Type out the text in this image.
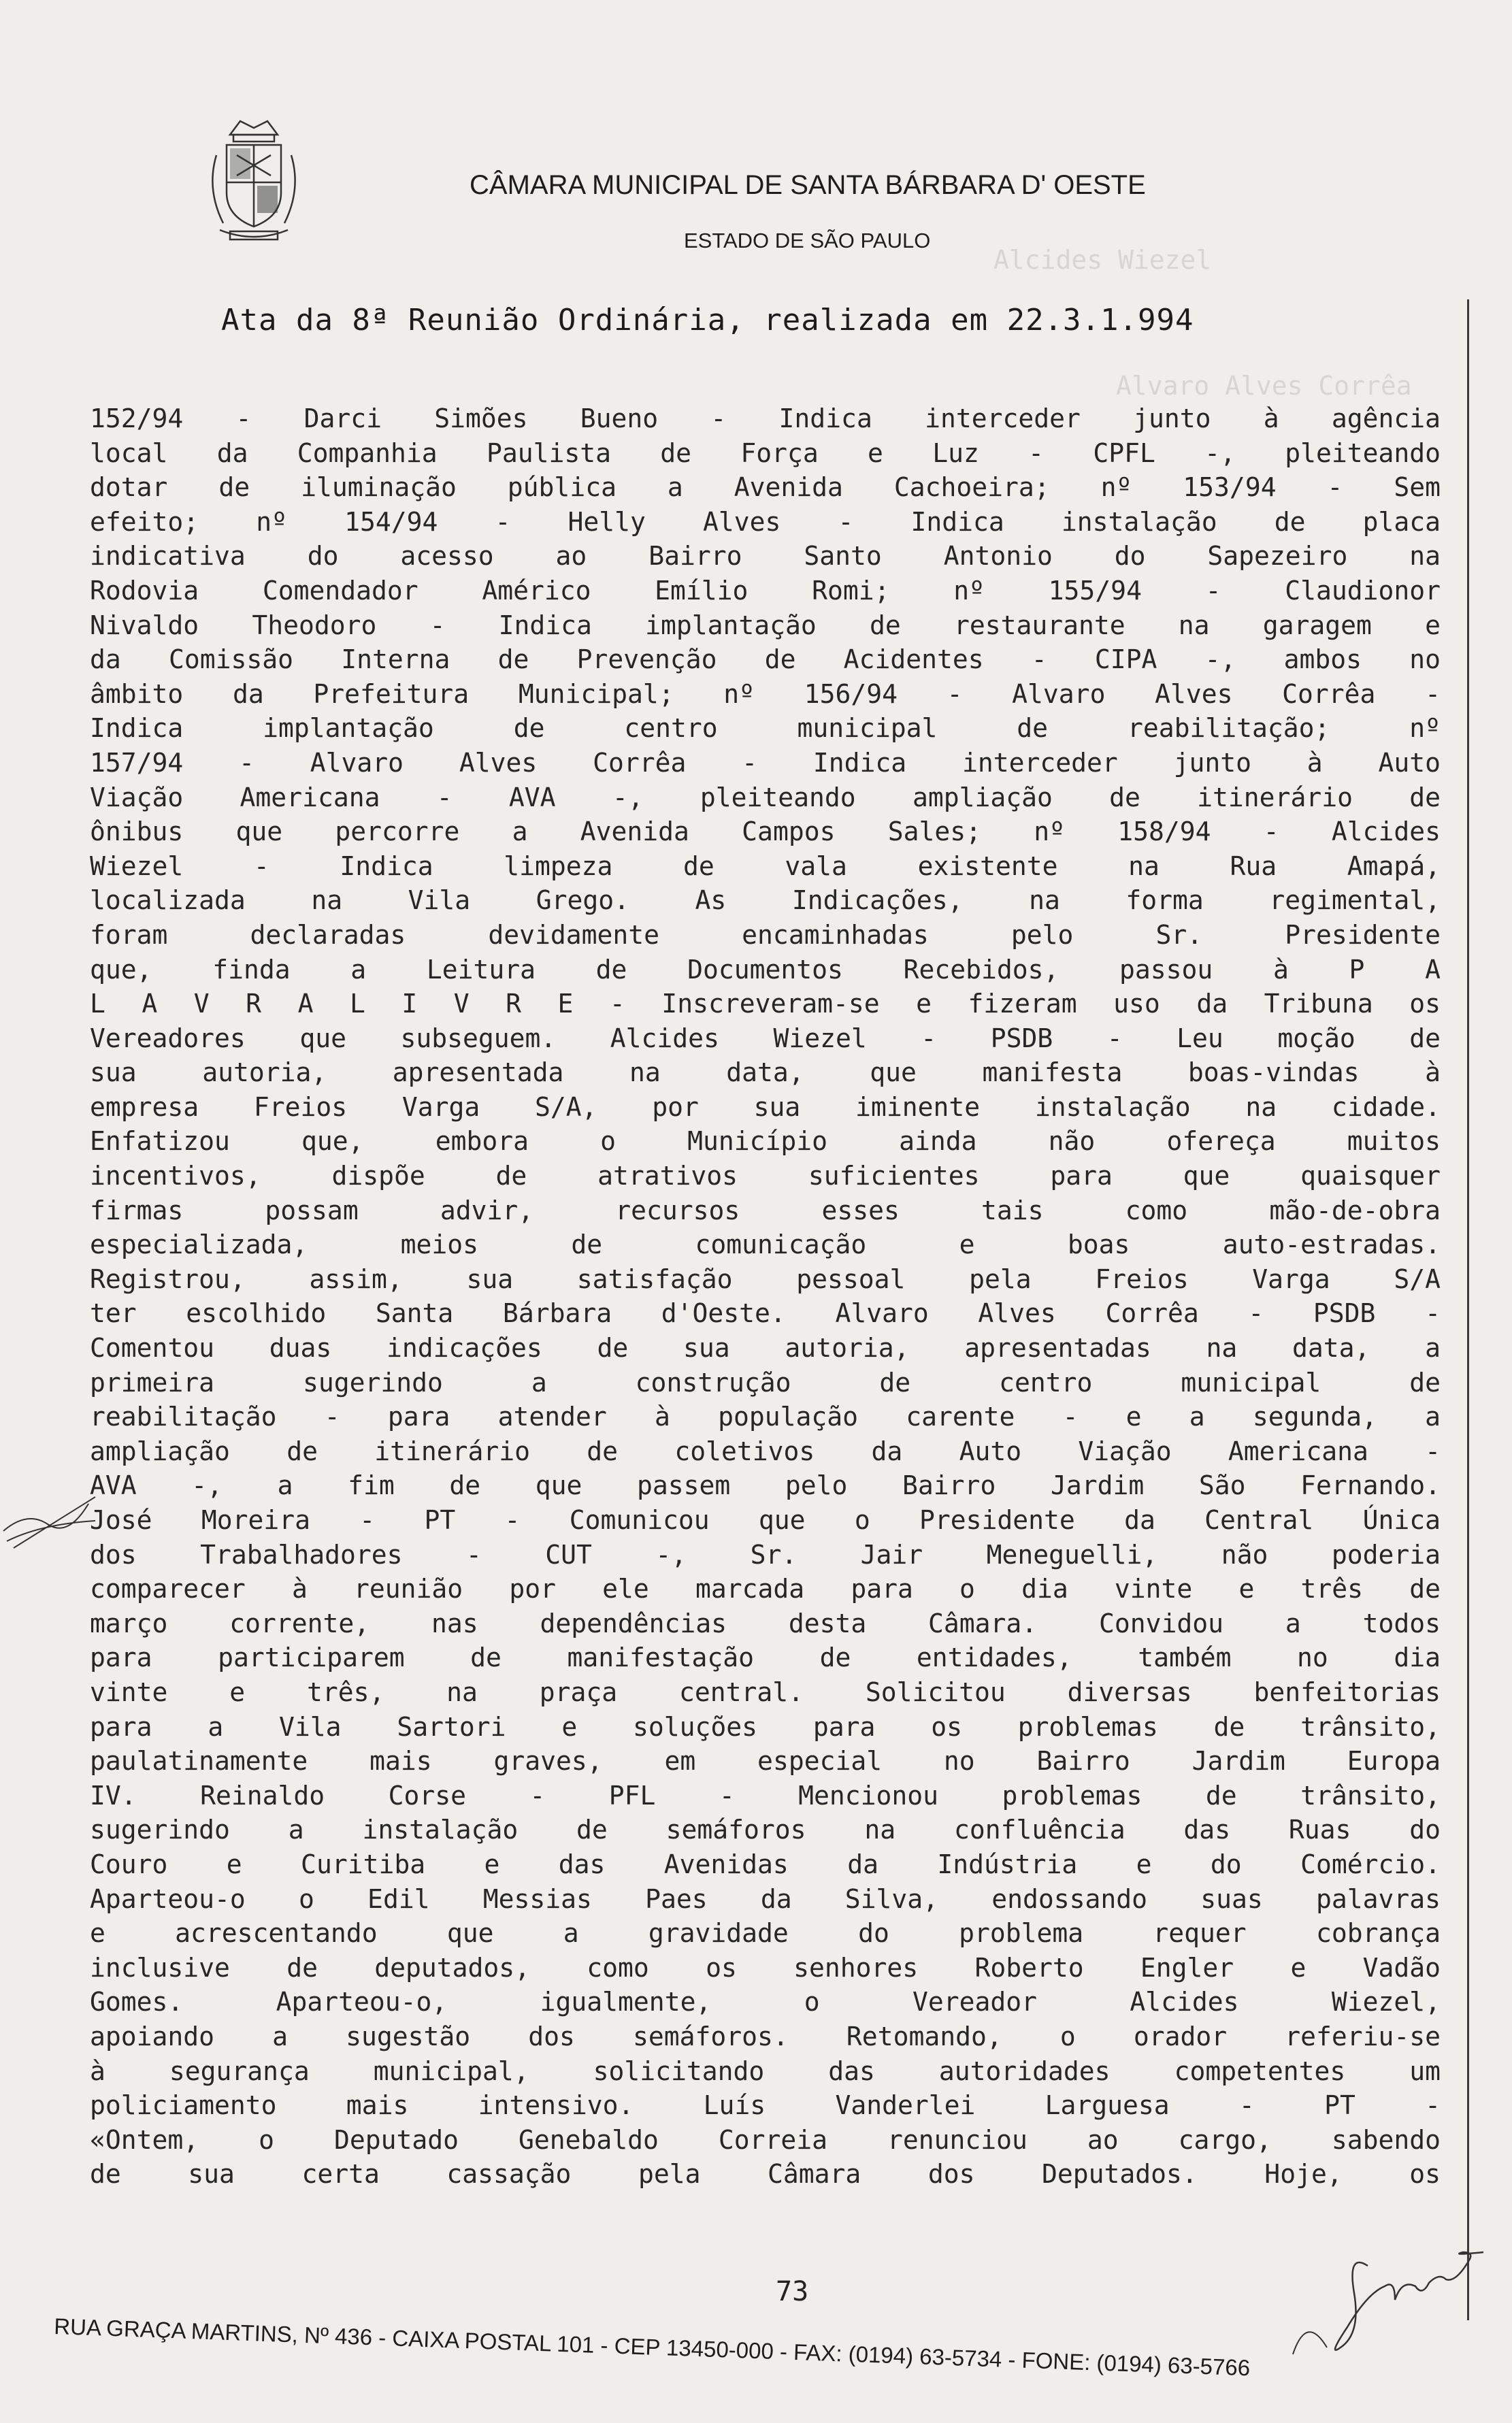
CÂMARA MUNICIPAL DE SANTA BÁRBARA D' OESTE
ESTADO DE SÃO PAULO
Alcides Wiezel
Alvaro Alves Corrêa
Ata da 8ª Reunião Ordinária, realizada em 22.3.1.994
152/94 - Darci Simões Bueno - Indica interceder junto à agência
local da Companhia Paulista de Força e Luz - CPFL -, pleiteando
dotar de iluminação pública a Avenida Cachoeira; nº 153/94 - Sem
efeito; nº 154/94 - Helly Alves - Indica instalação de placa
indicativa do acesso ao Bairro Santo Antonio do Sapezeiro na
Rodovia Comendador Américo Emílio Romi; nº 155/94 - Claudionor
Nivaldo Theodoro - Indica implantação de restaurante na garagem e
da Comissão Interna de Prevenção de Acidentes - CIPA -, ambos no
âmbito da Prefeitura Municipal; nº 156/94 - Alvaro Alves Corrêa -
Indica implantação de centro municipal de reabilitação; nº
157/94 - Alvaro Alves Corrêa - Indica interceder junto à Auto
Viação Americana - AVA -, pleiteando ampliação de itinerário de
ônibus que percorre a Avenida Campos Sales; nº 158/94 - Alcides
Wiezel - Indica limpeza de vala existente na Rua Amapá,
localizada na Vila Grego. As Indicações, na forma regimental,
foram declaradas devidamente encaminhadas pelo Sr. Presidente
que, finda a Leitura de Documentos Recebidos, passou à P A
L A V R A L I V R E - Inscreveram-se e fizeram uso da Tribuna os
Vereadores que subseguem. Alcides Wiezel - PSDB - Leu moção de
sua autoria, apresentada na data, que manifesta boas-vindas à
empresa Freios Varga S/A, por sua iminente instalação na cidade.
Enfatizou que, embora o Município ainda não ofereça muitos
incentivos, dispõe de atrativos suficientes para que quaisquer
firmas possam advir, recursos esses tais como mão-de-obra
especializada, meios de comunicação e boas auto-estradas.
Registrou, assim, sua satisfação pessoal pela Freios Varga S/A
ter escolhido Santa Bárbara d'Oeste. Alvaro Alves Corrêa - PSDB -
Comentou duas indicações de sua autoria, apresentadas na data, a
primeira sugerindo a construção de centro municipal de
reabilitação - para atender à população carente - e a segunda, a
ampliação de itinerário de coletivos da Auto Viação Americana -
AVA -, a fim de que passem pelo Bairro Jardim São Fernando.
José Moreira - PT - Comunicou que o Presidente da Central Única
dos Trabalhadores - CUT -, Sr. Jair Meneguelli, não poderia
comparecer à reunião por ele marcada para o dia vinte e três de
março corrente, nas dependências desta Câmara. Convidou a todos
para participarem de manifestação de entidades, também no dia
vinte e três, na praça central. Solicitou diversas benfeitorias
para a Vila Sartori e soluções para os problemas de trânsito,
paulatinamente mais graves, em especial no Bairro Jardim Europa
IV. Reinaldo Corse - PFL - Mencionou problemas de trânsito,
sugerindo a instalação de semáforos na confluência das Ruas do
Couro e Curitiba e das Avenidas da Indústria e do Comércio.
Aparteou-o o Edil Messias Paes da Silva, endossando suas palavras
e acrescentando que a gravidade do problema requer cobrança
inclusive de deputados, como os senhores Roberto Engler e Vadão
Gomes. Aparteou-o, igualmente, o Vereador Alcides Wiezel,
apoiando a sugestão dos semáforos. Retomando, o orador referiu-se
à segurança municipal, solicitando das autoridades competentes um
policiamento mais intensivo. Luís Vanderlei Larguesa - PT -
«Ontem, o Deputado Genebaldo Correia renunciou ao cargo, sabendo
de sua certa cassação pela Câmara dos Deputados. Hoje, os
73
RUA GRAÇA MARTINS, Nº 436 - CAIXA POSTAL 101 - CEP 13450-000 - FAX: (0194) 63-5734 - FONE: (0194) 63-5766
